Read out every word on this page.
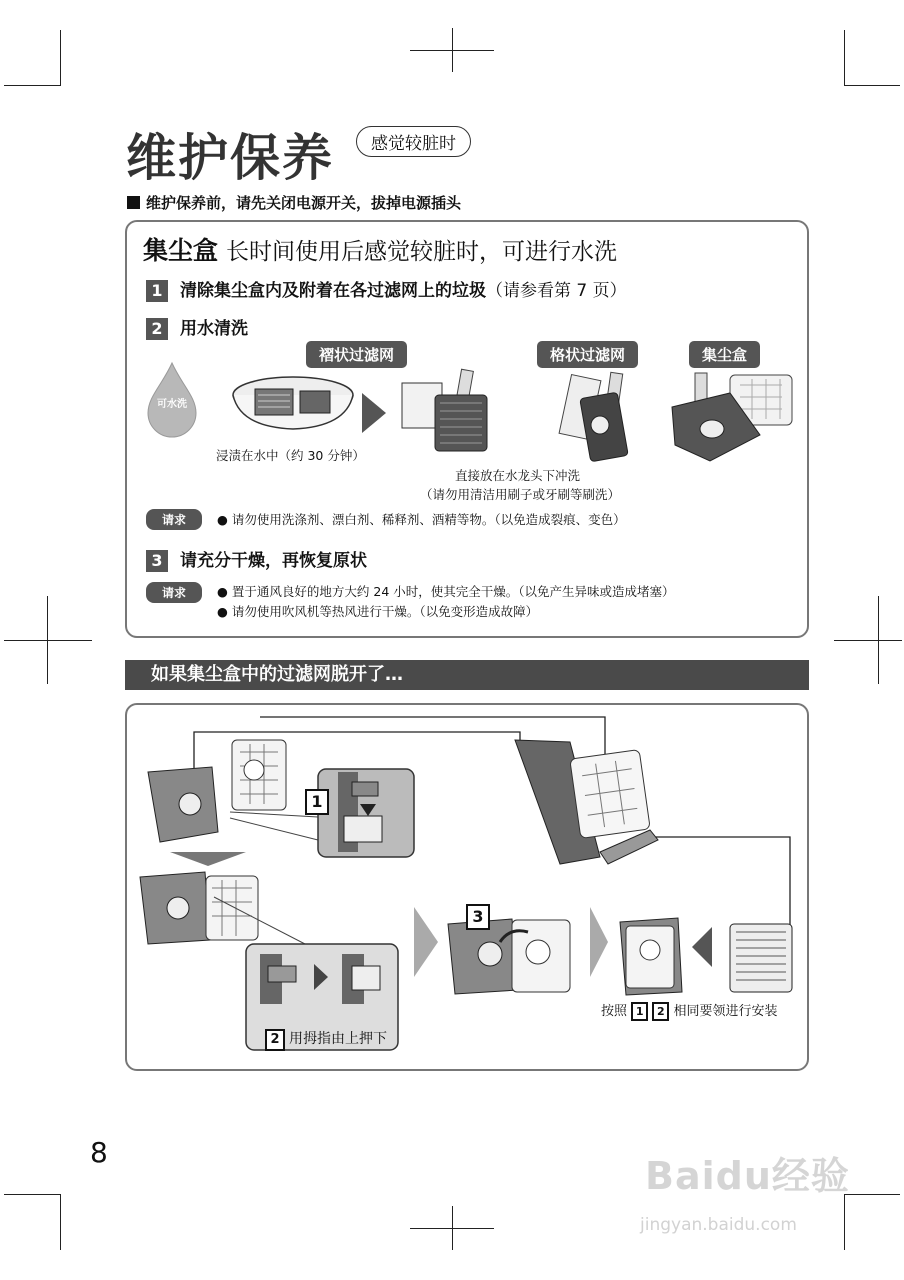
维护保养	感觉较脏时
维护保养前，请先关闭电源开关，拔掉电源插头
集尘盒 长时间使用后感觉较脏时，可进行水洗
1 清除集尘盒内及附着在各过滤网上的垃圾（请参看第 7 页）
2 用水清洗
褶状过滤网	格状过滤网	集尘盒
可水洗
浸渍在水中（约 30 分钟）
直接放在水龙头下冲洗
（请勿用清洁用刷子或牙刷等刷洗）
请求	● 请勿使用洗涤剂、漂白剂、稀释剂、酒精等物。（以免造成裂痕、变色）
3 请充分干燥，再恢复原状
请求	● 置于通风良好的地方大约 24 小时，使其完全干燥。（以免产生异味或造成堵塞）
● 请勿使用吹风机等热风进行干燥。（以免变形造成故障）
如果集尘盒中的过滤网脱开了…
1
3
2 用拇指由上押下
按照 1 2 相同要领进行安装
8
Baidu经验
jingyan.baidu.com
